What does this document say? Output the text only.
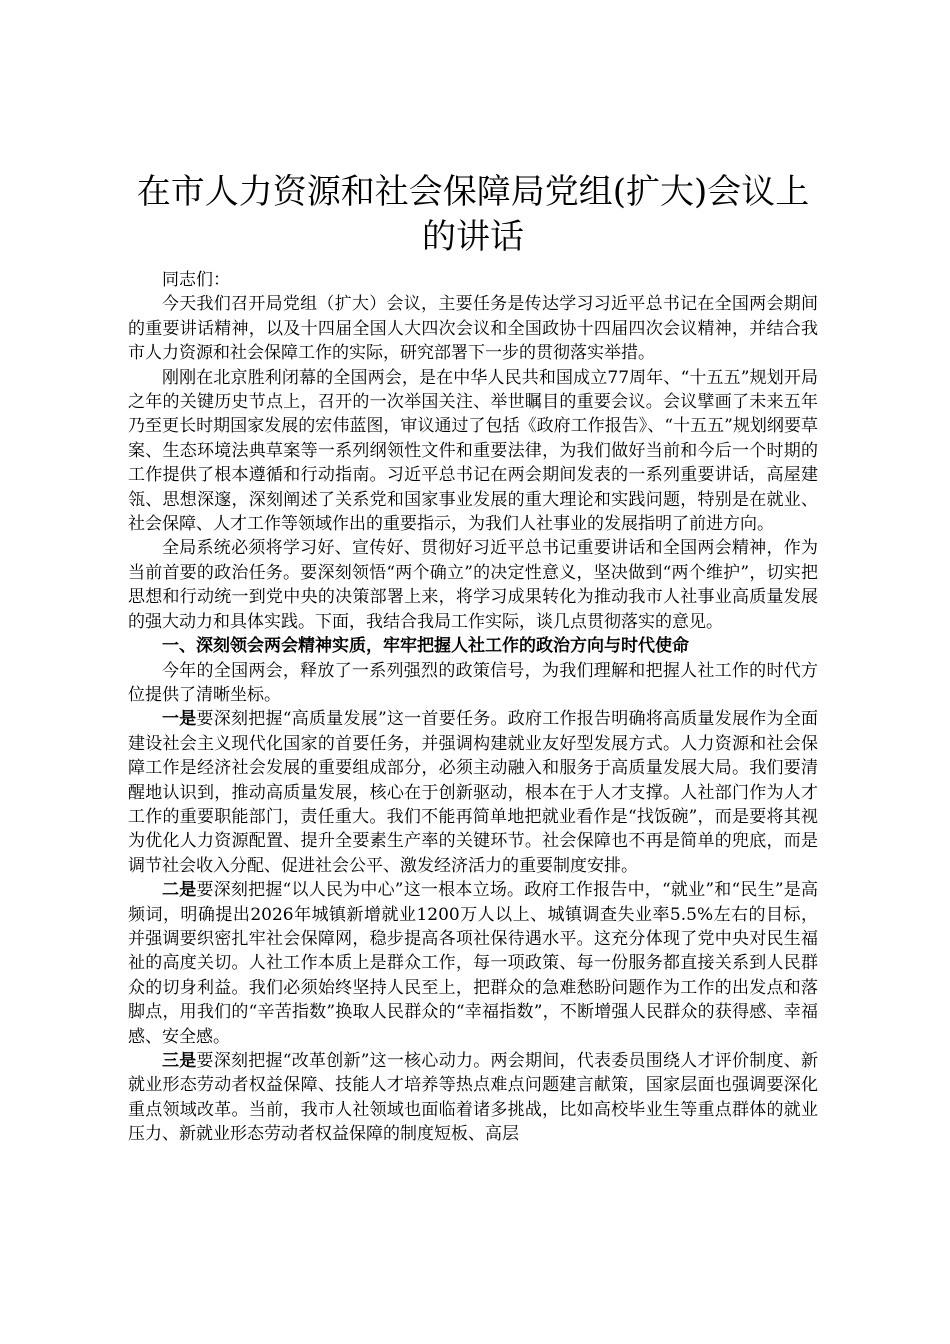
在市人力资源和社会保障局党组(扩大)会议上的讲话

同志们：

今天我们召开局党组（扩大）会议，主要任务是传达学习习近平总书记在全国两会期间的重要讲话精神，以及十四届全国人大四次会议和全国政协十四届四次会议精神，并结合我市人力资源和社会保障工作的实际，研究部署下一步的贯彻落实举措。

刚刚在北京胜利闭幕的全国两会，是在中华人民共和国成立77周年、“十五五”规划开局之年的关键历史节点上，召开的一次举国关注、举世瞩目的重要会议。会议擘画了未来五年乃至更长时期国家发展的宏伟蓝图，审议通过了包括《政府工作报告》、“十五五”规划纲要草案、生态环境法典草案等一系列纲领性文件和重要法律，为我们做好当前和今后一个时期的工作提供了根本遵循和行动指南。习近平总书记在两会期间发表的一系列重要讲话，高屋建瓴、思想深邃，深刻阐述了关系党和国家事业发展的重大理论和实践问题，特别是在就业、社会保障、人才工作等领域作出的重要指示，为我们人社事业的发展指明了前进方向。

全局系统必须将学习好、宣传好、贯彻好习近平总书记重要讲话和全国两会精神，作为当前首要的政治任务。要深刻领悟“两个确立”的决定性意义，坚决做到“两个维护”，切实把思想和行动统一到党中央的决策部署上来，将学习成果转化为推动我市人社事业高质量发展的强大动力和具体实践。下面，我结合我局工作实际，谈几点贯彻落实的意见。

一、深刻领会两会精神实质，牢牢把握人社工作的政治方向与时代使命

今年的全国两会，释放了一系列强烈的政策信号，为我们理解和把握人社工作的时代方位提供了清晰坐标。

一是要深刻把握“高质量发展”这一首要任务。政府工作报告明确将高质量发展作为全面建设社会主义现代化国家的首要任务，并强调构建就业友好型发展方式。人力资源和社会保障工作是经济社会发展的重要组成部分，必须主动融入和服务于高质量发展大局。我们要清醒地认识到，推动高质量发展，核心在于创新驱动，根本在于人才支撑。人社部门作为人才工作的重要职能部门，责任重大。我们不能再简单地把就业看作是“找饭碗”，而是要将其视为优化人力资源配置、提升全要素生产率的关键环节。社会保障也不再是简单的兜底，而是调节社会收入分配、促进社会公平、激发经济活力的重要制度安排。

二是要深刻把握“以人民为中心”这一根本立场。政府工作报告中，“就业”和“民生”是高频词，明确提出2026年城镇新增就业1200万人以上、城镇调查失业率5.5%左右的目标，并强调要织密扎牢社会保障网，稳步提高各项社保待遇水平。这充分体现了党中央对民生福祉的高度关切。人社工作本质上是群众工作，每一项政策、每一份服务都直接关系到人民群众的切身利益。我们必须始终坚持人民至上，把群众的急难愁盼问题作为工作的出发点和落脚点，用我们的“辛苦指数”换取人民群众的“幸福指数”，不断增强人民群众的获得感、幸福感、安全感。

三是要深刻把握“改革创新”这一核心动力。两会期间，代表委员围绕人才评价制度、新就业形态劳动者权益保障、技能人才培养等热点难点问题建言献策，国家层面也强调要深化重点领域改革。当前，我市人社领域也面临着诸多挑战，比如高校毕业生等重点群体的就业压力、新就业形态劳动者权益保障的制度短板、高层
